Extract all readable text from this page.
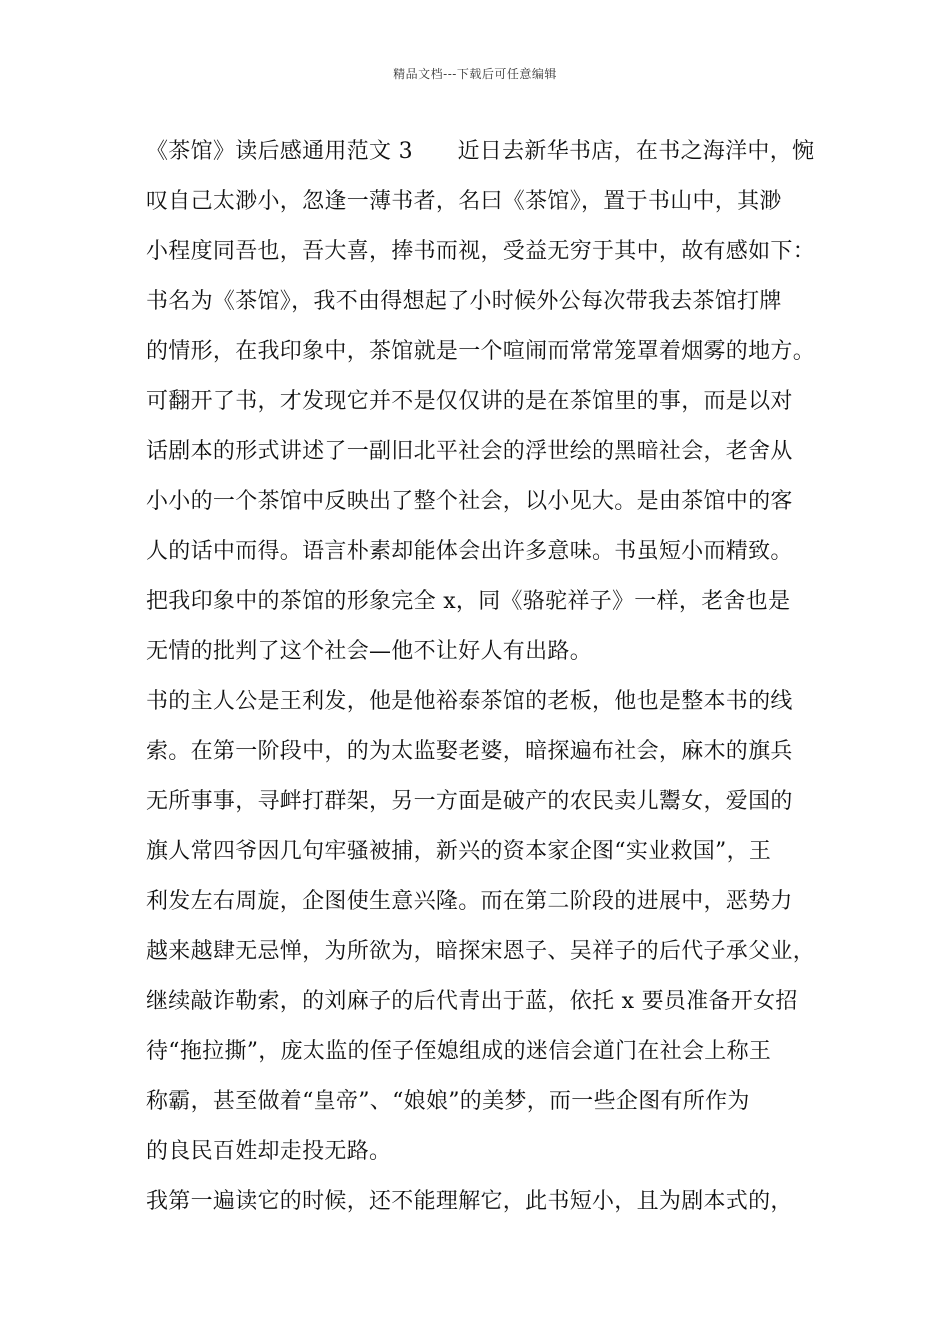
精品文档---下载后可任意编辑
《茶馆》读后感通用范文 3　　近日去新华书店，在书之海洋中，惋
叹自己太渺小，忽逢一薄书者，名曰《茶馆》，置于书山中，其渺
小程度同吾也，吾大喜，捧书而视，受益无穷于其中，故有感如下：
书名为《茶馆》，我不由得想起了小时候外公每次带我去茶馆打牌
的情形，在我印象中，茶馆就是一个喧闹而常常笼罩着烟雾的地方。
可翻开了书，才发现它并不是仅仅讲的是在茶馆里的事，而是以对
话剧本的形式讲述了一副旧北平社会的浮世绘的黑暗社会，老舍从
小小的一个茶馆中反映出了整个社会，以小见大。是由茶馆中的客
人的话中而得。语言朴素却能体会出许多意味。书虽短小而精致。
把我印象中的茶馆的形象完全 x，同《骆驼祥子》一样，老舍也是
无情的批判了这个社会—他不让好人有出路。
书的主人公是王利发，他是他裕泰茶馆的老板，他也是整本书的线
索。在第一阶段中，的为太监娶老婆，暗探遍布社会，麻木的旗兵
无所事事，寻衅打群架，另一方面是破产的农民卖儿鬻女，爱国的
旗人常四爷因几句牢骚被捕，新兴的资本家企图“实业救国”，王
利发左右周旋，企图使生意兴隆。而在第二阶段的进展中，恶势力
越来越肆无忌惮，为所欲为，暗探宋恩子、吴祥子的后代子承父业，
继续敲诈勒索，的刘麻子的后代青出于蓝，依托 x 要员准备开女招
待“拖拉撕”，庞太监的侄子侄媳组成的迷信会道门在社会上称王
称霸，甚至做着“皇帝”、“娘娘”的美梦，而一些企图有所作为
的良民百姓却走投无路。
我第一遍读它的时候，还不能理解它，此书短小，且为剧本式的，
